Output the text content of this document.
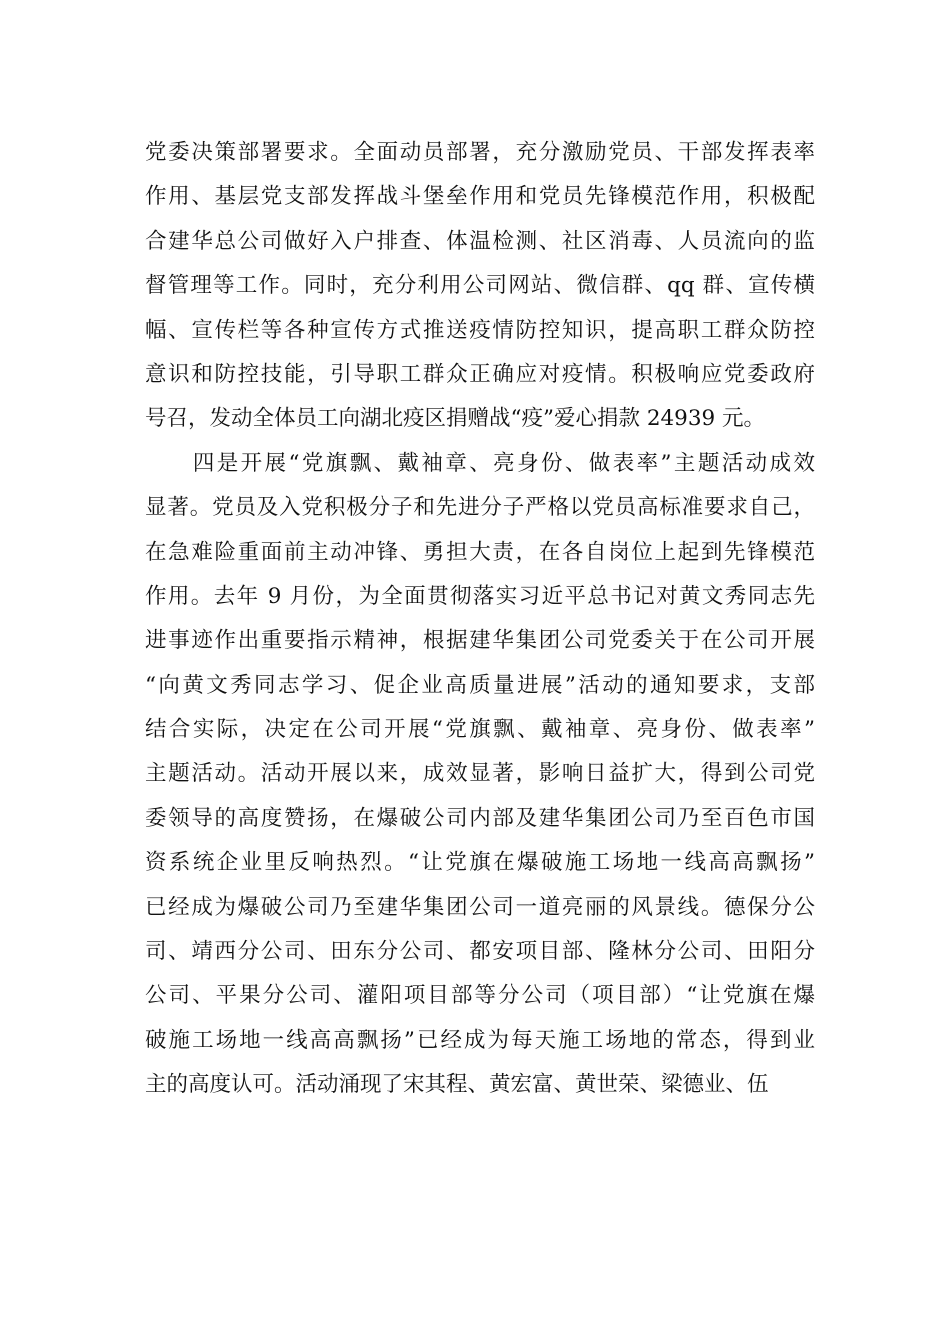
党委决策部署要求。全面动员部署，充分激励党员、干部发挥表率
作用、基层党支部发挥战斗堡垒作用和党员先锋模范作用，积极配
合建华总公司做好入户排查、体温检测、社区消毒、人员流向的监
督管理等工作。同时，充分利用公司网站、微信群、qq 群、宣传横
幅、宣传栏等各种宣传方式推送疫情防控知识，提高职工群众防控
意识和防控技能，引导职工群众正确应对疫情。积极响应党委政府
号召，发动全体员工向湖北疫区捐赠战“疫”爱心捐款 24939 元。
　　四是开展“党旗飘、戴袖章、亮身份、做表率”主题活动成效
显著。党员及入党积极分子和先进分子严格以党员高标准要求自己，
在急难险重面前主动冲锋、勇担大责，在各自岗位上起到先锋模范
作用。去年 9 月份，为全面贯彻落实习近平总书记对黄文秀同志先
进事迹作出重要指示精神，根据建华集团公司党委关于在公司开展
“向黄文秀同志学习、促企业高质量进展”活动的通知要求，支部
结合实际，决定在公司开展“党旗飘、戴袖章、亮身份、做表率”
主题活动。活动开展以来，成效显著，影响日益扩大，得到公司党
委领导的高度赞扬，在爆破公司内部及建华集团公司乃至百色市国
资系统企业里反响热烈。“让党旗在爆破施工场地一线高高飘扬”
已经成为爆破公司乃至建华集团公司一道亮丽的风景线。德保分公
司、靖西分公司、田东分公司、都安项目部、隆林分公司、田阳分
公司、平果分公司、灌阳项目部等分公司（项目部）“让党旗在爆
破施工场地一线高高飘扬”已经成为每天施工场地的常态，得到业
主的高度认可。活动涌现了宋其程、黄宏富、黄世荣、梁德业、伍
